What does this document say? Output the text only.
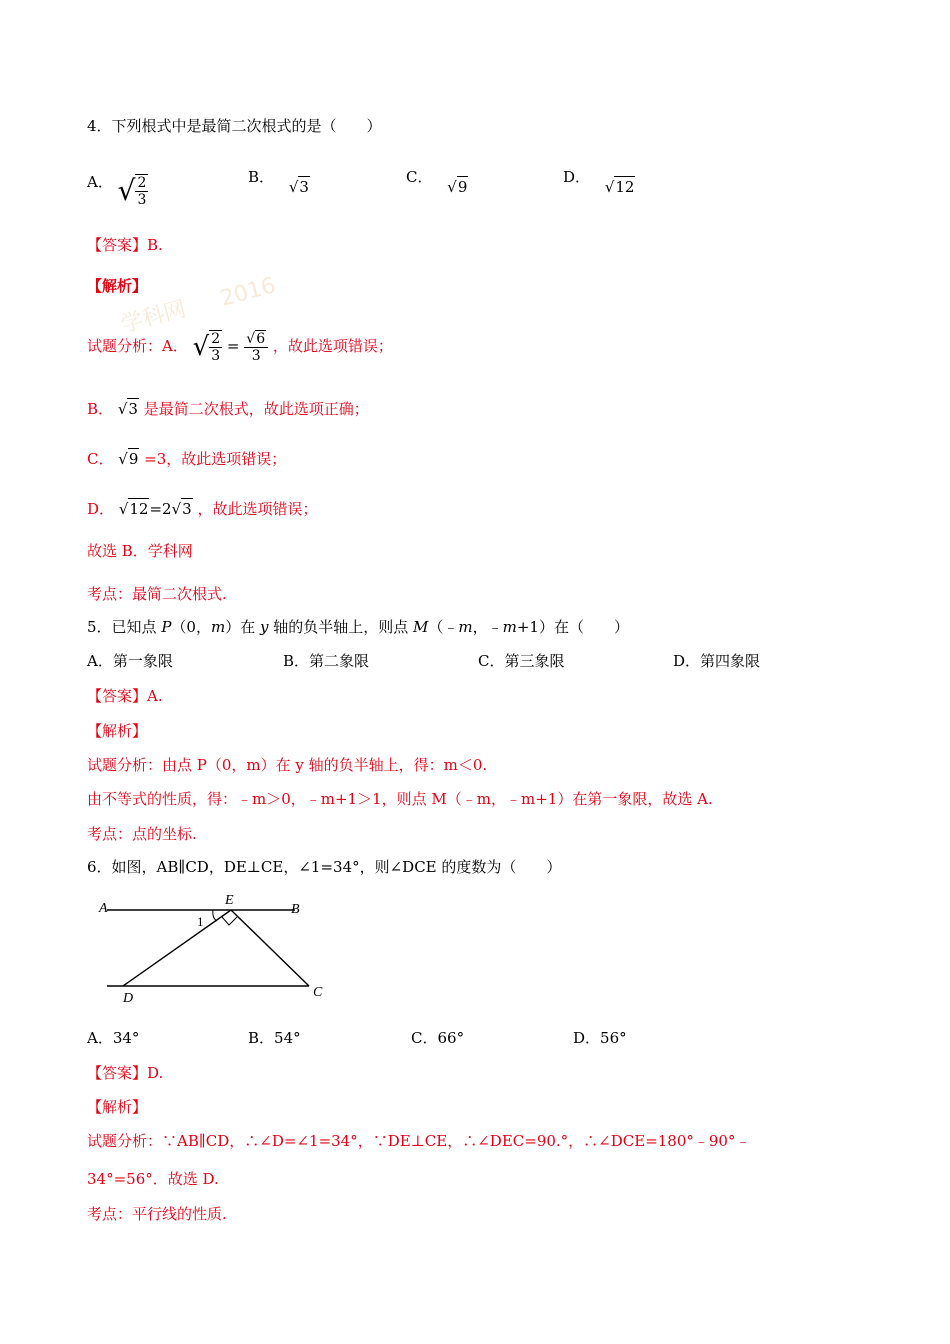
学科网
2016
4．下列根式中是最简二次根式的是（　　）
A． √ $\frac{2}{3}$	B． √3
C． √9
D． √12
【答案】B.
【解析】
试题分析：A． √ $\frac{2}{3} = \frac{√6}{3}$ ，故此选项错误；
B． √3 是最简二次根式，故此选项正确；
C． √9 =3，故此选项错误；
D． √12=2√3 ，故此选项错误；
故选 B．学科网
考点：最简二次根式.
5．已知点 P（0，m）在 y 轴的负半轴上，则点 M（﹣m，﹣m+1）在（　　）
A．第一象限	B．第二象限	C．第三象限	D．第四象限
【答案】A.
【解析】
试题分析：由点 P（0，m）在 y 轴的负半轴上，得：m＜0.
由不等式的性质，得：﹣m＞0，﹣m+1＞1，则点 M（﹣m，﹣m+1）在第一象限，故选 A.
考点：点的坐标.
6．如图，AB∥CD，DE⊥CE，∠1=34°，则∠DCE 的度数为（　　）
A	B
E
1
D	C
A．34°	B．54°	C．66°	D．56°
【答案】D.
【解析】
试题分析：∵AB∥CD，∴∠D=∠1=34°，∵DE⊥CE，∴∠DEC=90.°，∴∠DCE=180°﹣90°﹣
34°=56°．故选 D.
考点：平行线的性质.
